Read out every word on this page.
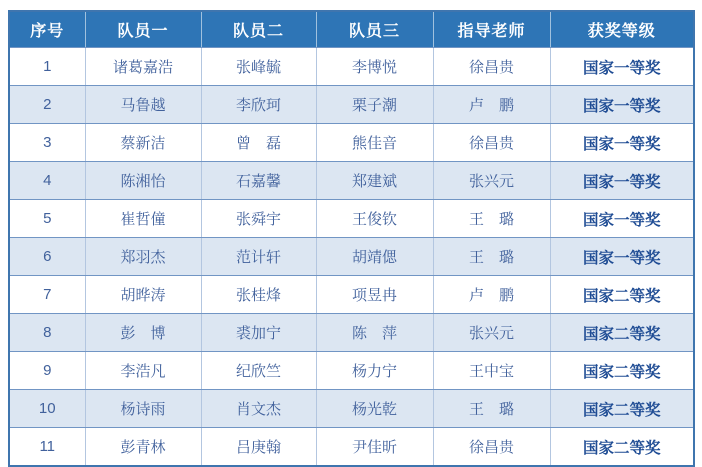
序号	队员一	队员二	队员三	指导老师	获奖等级
1	诸葛嘉浩	张峰毓	李博悦	徐昌贵	国家一等奖
2	马鲁越	李欣珂	栗子潮	卢　鹏	国家一等奖
3	蔡新洁	曾　磊	熊佳音	徐昌贵	国家一等奖
4	陈湘怡	石嘉馨	郑建斌	张兴元	国家一等奖
5	崔哲僮	张舜宇	王俊钦	王　璐	国家一等奖
6	郑羽杰	范计轩	胡靖偲	王　璐	国家一等奖
7	胡晔涛	张桂烽	项昱冉	卢　鹏	国家二等奖
8	彭　博	裘加宁	陈　萍	张兴元	国家二等奖
9	李浩凡	纪欣竺	杨力宁	王中宝	国家二等奖
10	杨诗雨	肖文杰	杨光乾	王　璐	国家二等奖
11	彭青林	吕庚翰	尹佳昕	徐昌贵	国家二等奖
